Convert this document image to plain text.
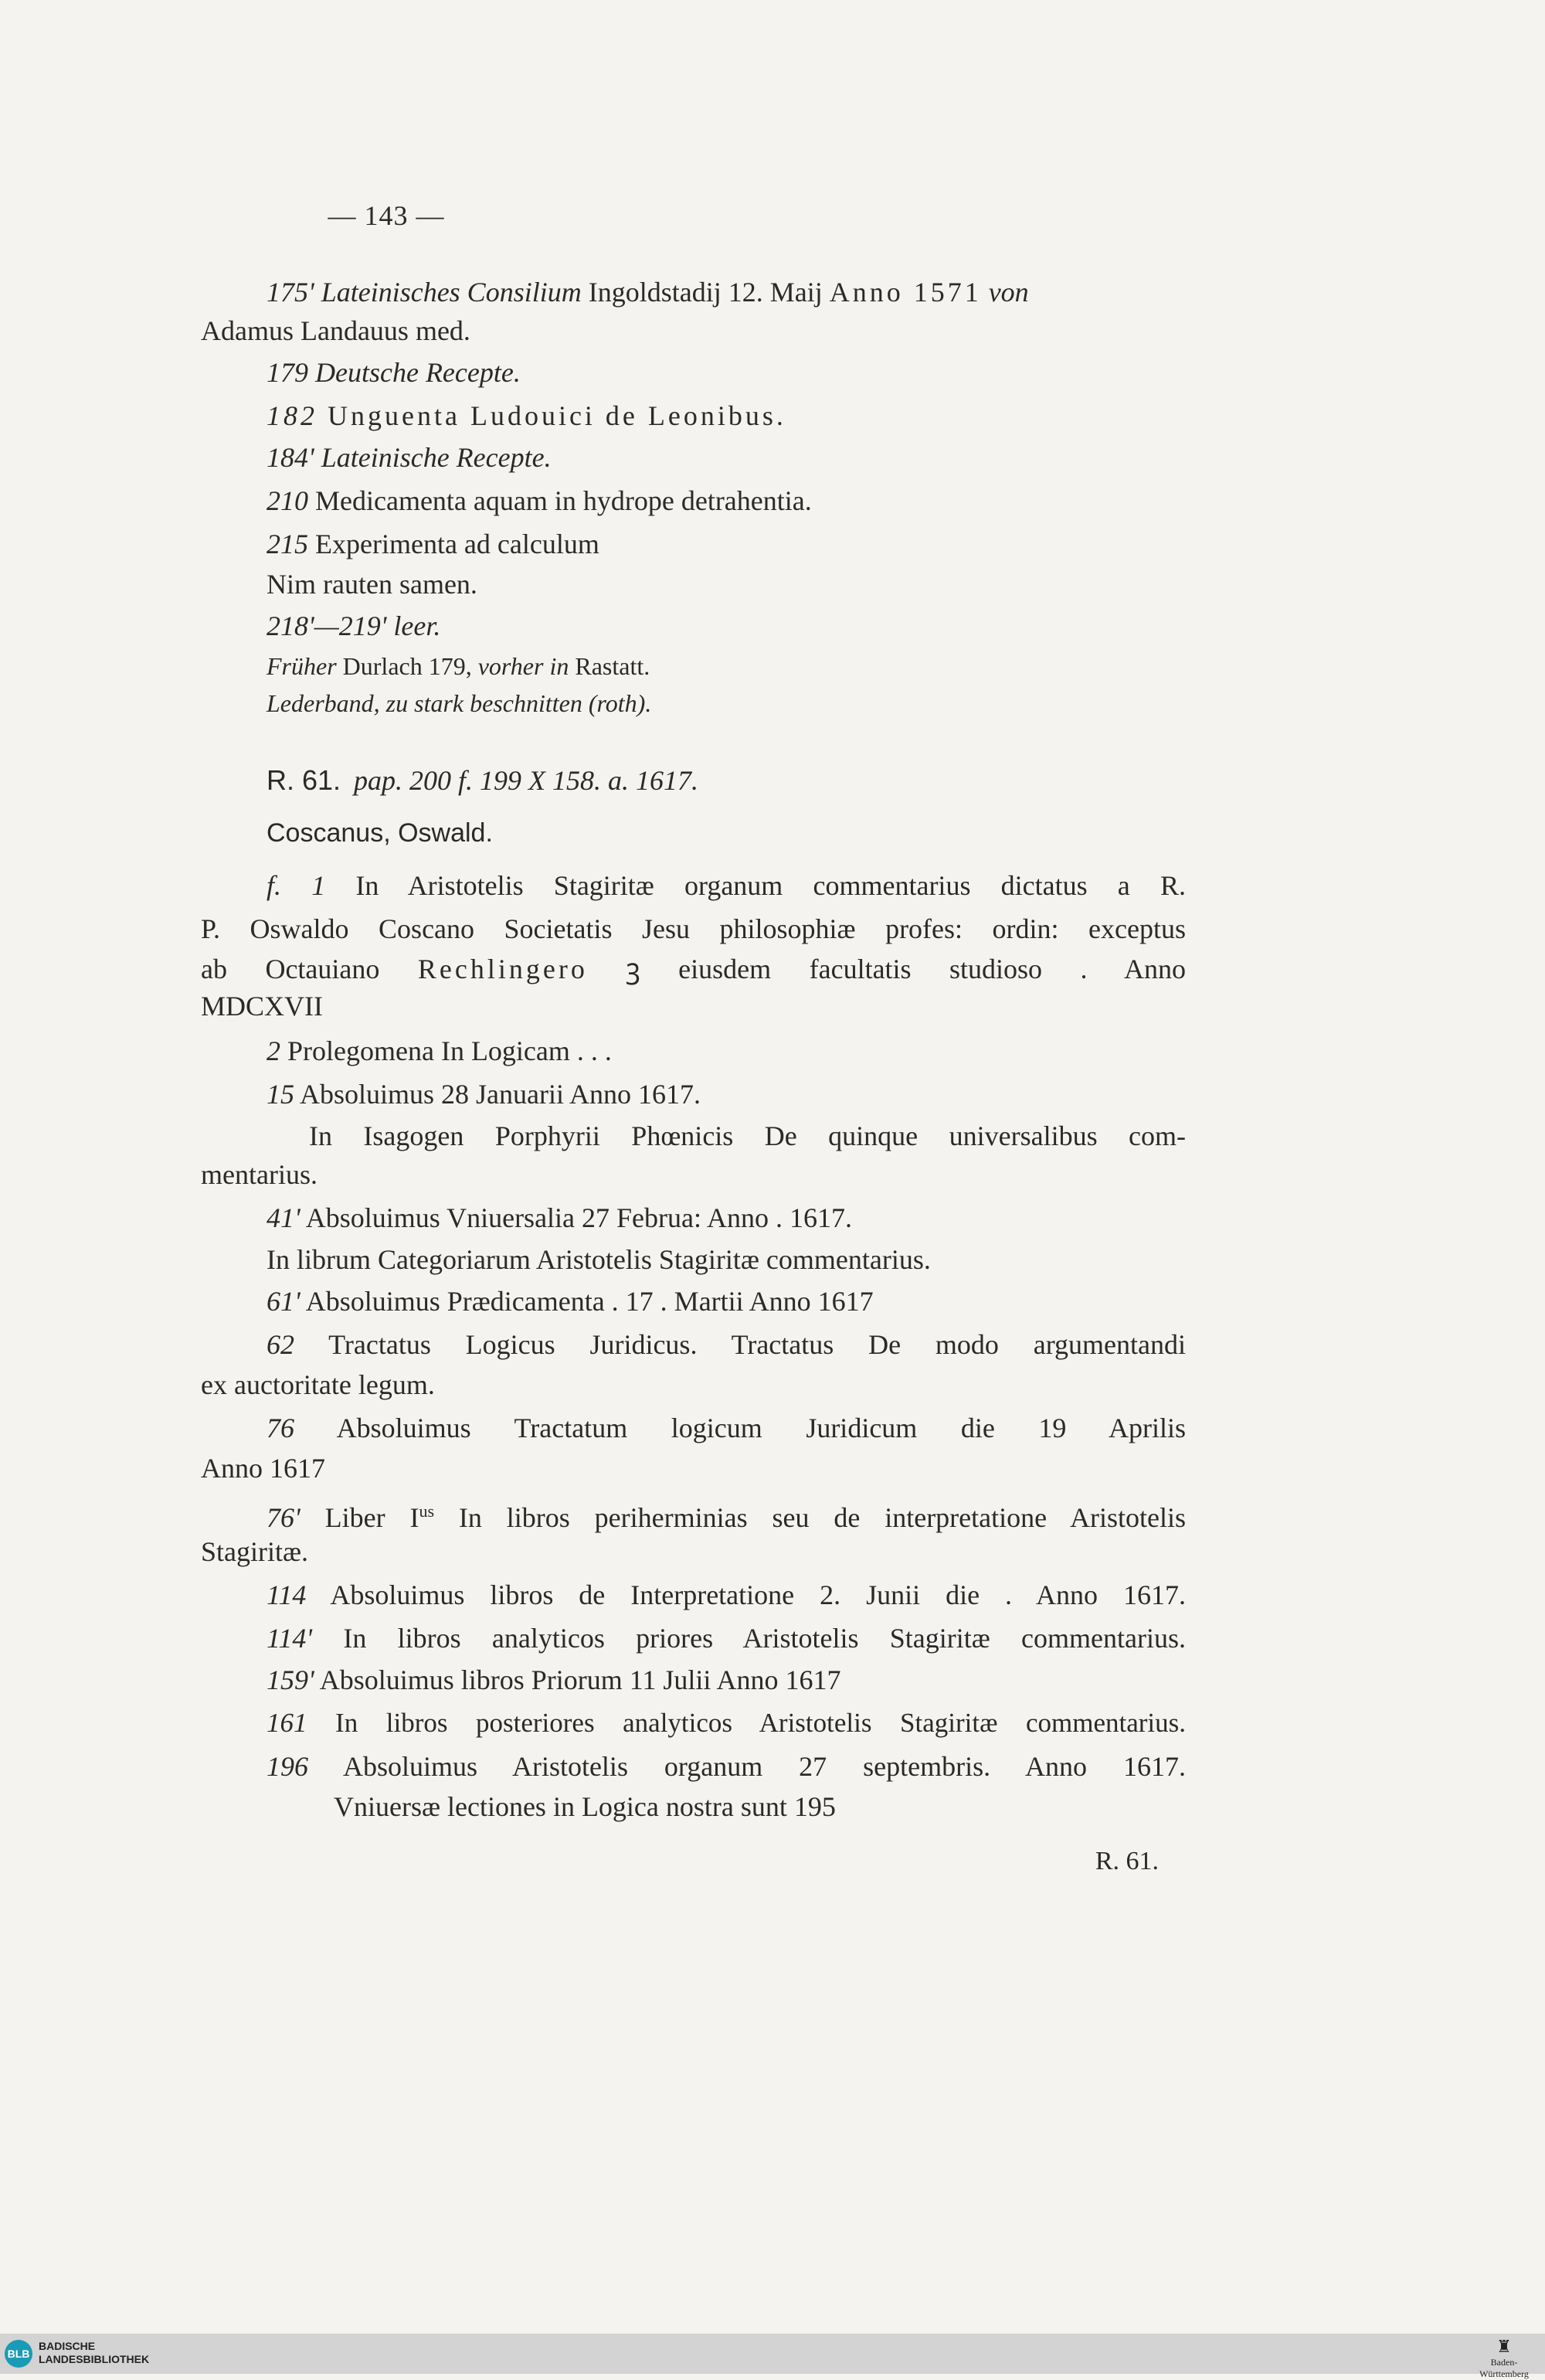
— 143 —
175' Lateinisches Consilium Ingoldstadij 12. Maij Anno 1571 von
Adamus Landauus med.
179 Deutsche Recepte.
182 Unguenta Ludouici de Leonibus.
184' Lateinische Recepte.
210 Medicamenta aquam in hydrope detrahentia.
215 Experimenta ad calculum
Nim rauten samen.
218'—219' leer.
Früher Durlach 179, vorher in Rastatt.
Lederband, zu stark beschnitten (roth).
R. 61. pap. 200 f. 199 X 158. a. 1617.
Coscanus, Oswald.
f. 1 In Aristotelis Stagiritæ organum commentarius dictatus a R.
P. Oswaldo Coscano Societatis Jesu philosophiæ profes: ordin: exceptus
ab Octauiano Rechlingero ꝫ eiusdem facultatis studioso . Anno
MDCXVII
2 Prolegomena In Logicam . . .
15 Absoluimus 28 Januarii Anno 1617.
In Isagogen Porphyrii Phœnicis De quinque universalibus com-
mentarius.
41' Absoluimus Vniuersalia 27 Februa: Anno . 1617.
In librum Categoriarum Aristotelis Stagiritæ commentarius.
61' Absoluimus Prædicamenta . 17 . Martii Anno 1617
62 Tractatus Logicus Juridicus. Tractatus De modo argumentandi
ex auctoritate legum.
76 Absoluimus Tractatum logicum Juridicum die 19 Aprilis
Anno 1617
76' Liber $I^{us}$ In libros periherminias seu de interpretatione Aristotelis
Stagiritæ.
114 Absoluimus libros de Interpretatione 2. Junii die . Anno 1617.
114' In libros analyticos priores Aristotelis Stagiritæ commentarius.
159' Absoluimus libros Priorum 11 Julii Anno 1617
161 In libros posteriores analyticos Aristotelis Stagiritæ commentarius.
196 Absoluimus Aristotelis organum 27 septembris. Anno 1617.
Vniuersæ lectiones in Logica nostra sunt 195
R. 61.
BLB
BADISCHE
LANDESBIBLIOTHEK
♜
Baden-Württemberg
